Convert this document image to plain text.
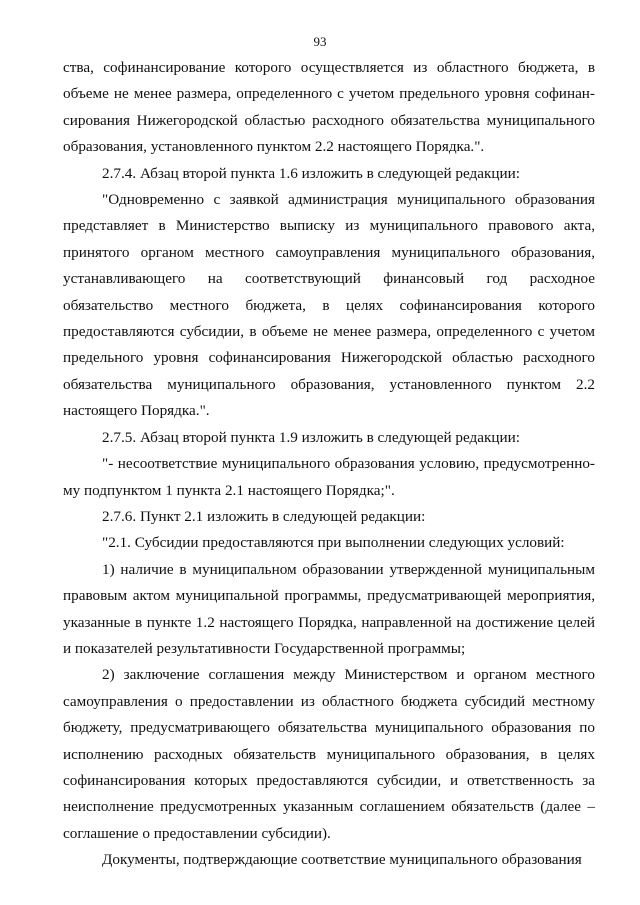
93

ства, софинансирование которого осуществляется из областного бюджета, в объеме не менее размера, определенного с учетом предельного уровня софинан-сирования Нижегородской областью расходного обязательства муниципального образования, установленного пунктом 2.2 настоящего Порядка.".

2.7.4. Абзац второй пункта 1.6 изложить в следующей редакции:

"Одновременно с заявкой администрация муниципального образования представляет в Министерство выписку из муниципального правового акта, принятого органом местного самоуправления муниципального образования, устанавливающего на соответствующий финансовый год расходное обязательство местного бюджета, в целях софинансирования которого предоставляются субсидии, в объеме не менее размера, определенного с учетом предельного уровня софинансирования Нижегородской областью расходного обязательства муниципального образования, установленного пунктом 2.2 настоящего Порядка.".

2.7.5. Абзац второй пункта 1.9 изложить в следующей редакции:

"- несоответствие муниципального образования условию, предусмотренно-му подпунктом 1 пункта 2.1 настоящего Порядка;".

2.7.6. Пункт 2.1 изложить в следующей редакции:

"2.1. Субсидии предоставляются при выполнении следующих условий:

1) наличие в муниципальном образовании утвержденной муниципальным правовым актом муниципальной программы, предусматривающей мероприятия, указанные в пункте 1.2 настоящего Порядка, направленной на достижение целей и показателей результативности Государственной программы;

2) заключение соглашения между Министерством и органом местного самоуправления о предоставлении из областного бюджета субсидий местному бюджету, предусматривающего обязательства муниципального образования по исполнению расходных обязательств муниципального образования, в целях софинансирования которых предоставляются субсидии, и ответственность за неисполнение предусмотренных указанным соглашением обязательств (далее – соглашение о предоставлении субсидии).

Документы, подтверждающие соответствие муниципального образования
